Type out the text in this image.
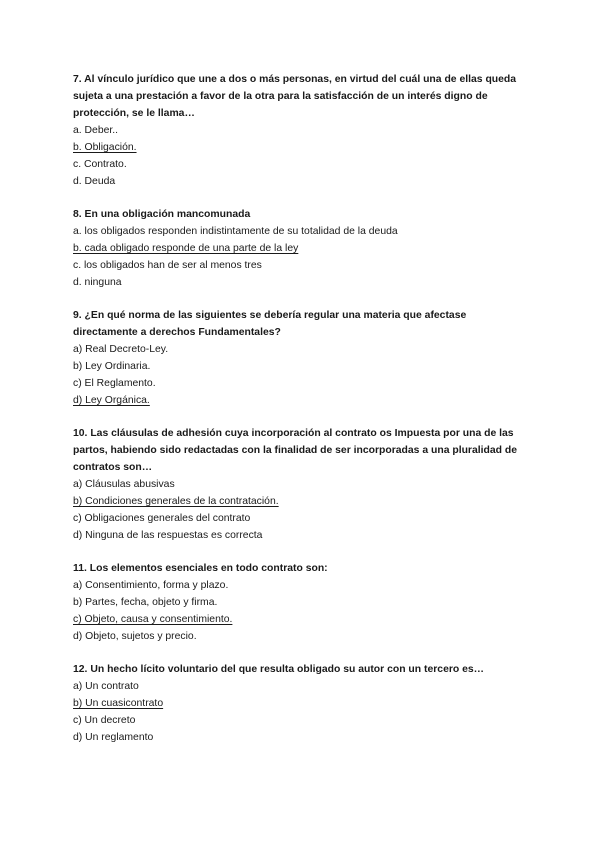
7. Al vínculo jurídico que une a dos o más personas, en virtud del cuál una de ellas queda sujeta a una prestación a favor de la otra para la satisfacción de un interés digno de protección, se le llama…
a. Deber..
b. Obligación.
c. Contrato.
d. Deuda
8. En una obligación mancomunada
a. los obligados responden indistintamente de su totalidad de la deuda
b. cada obligado responde de una parte de la ley
c. los obligados han de ser al menos tres
d. ninguna
9. ¿En qué norma de las siguientes se debería regular una materia que afectase directamente a derechos Fundamentales?
a) Real Decreto-Ley.
b) Ley Ordinaria.
c) El Reglamento.
d) Ley Orgánica.
10. Las cláusulas de adhesión cuya incorporación al contrato os Impuesta por una de las partos, habiendo sido redactadas con la finalidad de ser incorporadas a una pluralidad de contratos son…
a) Cláusulas abusivas
b) Condiciones generales de la contratación.
c) Obligaciones generales del contrato
d) Ninguna de las respuestas es correcta
11. Los elementos esenciales en todo contrato son:
a) Consentimiento, forma y plazo.
b) Partes, fecha, objeto y firma.
c) Objeto, causa y consentimiento.
d) Objeto, sujetos y precio.
12. Un hecho lícito voluntario del que resulta obligado su autor con un tercero es…
a) Un contrato
b) Un cuasicontrato
c) Un decreto
d) Un reglamento
